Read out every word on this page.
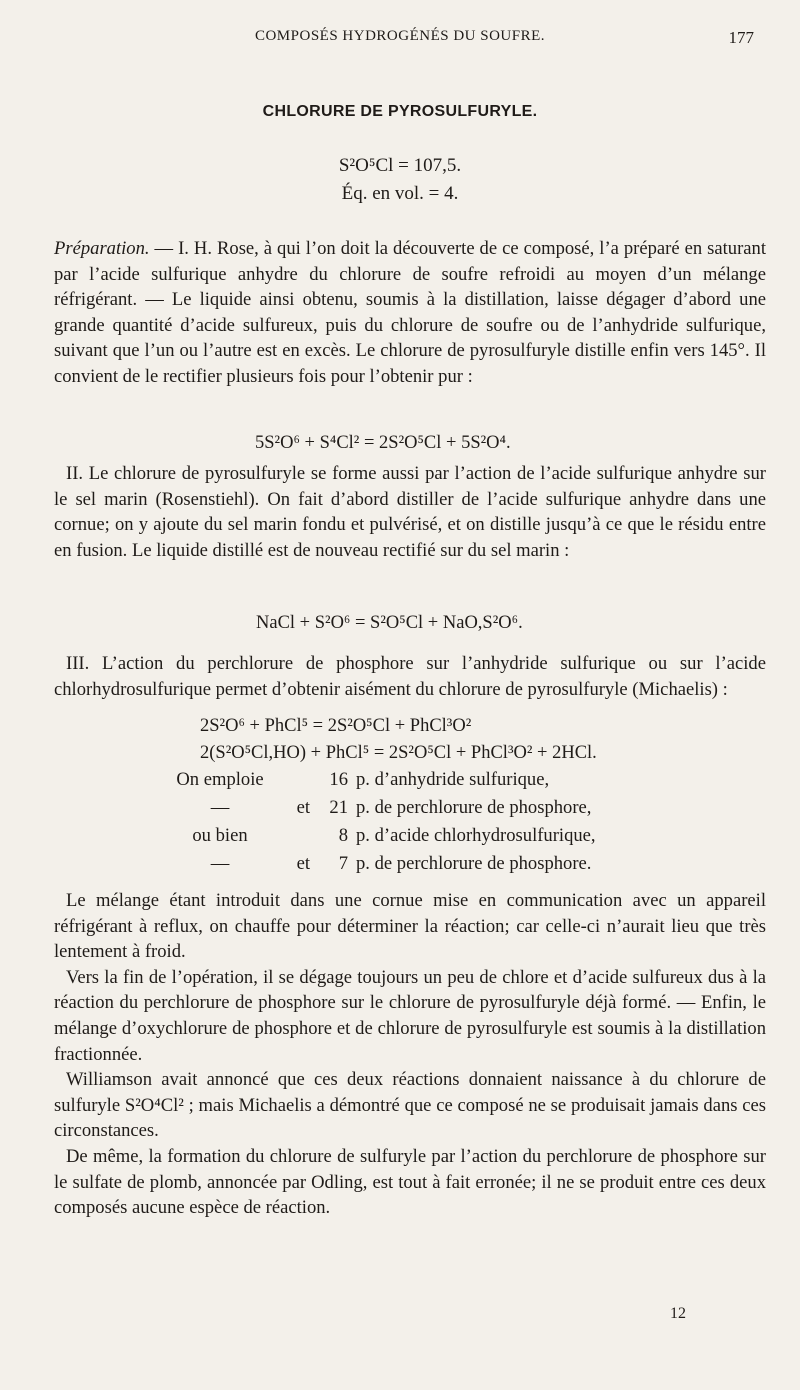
COMPOSÉS HYDROGÉNÉS DU SOUFRE.	177
CHLORURE DE PYROSULFURYLE.
S²O⁵Cl = 107,5.
Éq. en vol. = 4.

Préparation. — I. H. Rose, à qui l’on doit la découverte de ce composé, l’a préparé en saturant par l’acide sulfurique anhydre du chlorure de soufre refroidi au moyen d’un mélange réfrigérant. — Le liquide ainsi obtenu, soumis à la distillation, laisse dégager d’abord une grande quantité d’acide sulfureux, puis du chlorure de soufre ou de l’anhydride sulfurique, suivant que l’un ou l’autre est en excès. Le chlorure de pyrosulfuryle distille enfin vers 145°. Il convient de le rectifier plusieurs fois pour l’obtenir pur :

5S²O⁶ + S⁴Cl² = 2S²O⁵Cl + 5S²O⁴.

II. Le chlorure de pyrosulfuryle se forme aussi par l’action de l’acide sulfurique anhydre sur le sel marin (Rosenstiehl). On fait d’abord distiller de l’acide sulfurique anhydre dans une cornue; on y ajoute du sel marin fondu et pulvérisé, et on distille jusqu’à ce que le résidu entre en fusion. Le liquide distillé est de nouveau rectifié sur du sel marin :

NaCl + S²O⁶ = S²O⁵Cl + NaO,S²O⁶.

III. L’action du perchlorure de phosphore sur l’anhydride sulfurique ou sur l’acide chlorhydrosulfurique permet d’obtenir aisément du chlorure de pyrosulfuryle (Michaelis) :

2S²O⁶ + PhCl⁵ = 2S²O⁵Cl + PhCl³O²
2(S²O⁵Cl,HO) + PhCl⁵ = 2S²O⁵Cl + PhCl³O² + 2HCl.
On emploie	16 p. d’anhydride sulfurique,
—	et	21 p. de perchlorure de phosphore,
ou bien	8 p. d’acide chlorhydrosulfurique,
—	et	7 p. de perchlorure de phosphore.

Le mélange étant introduit dans une cornue mise en communication avec un appareil réfrigérant à reflux, on chauffe pour déterminer la réaction; car celle-ci n’aurait lieu que très lentement à froid.

Vers la fin de l’opération, il se dégage toujours un peu de chlore et d’acide sulfureux dus à la réaction du perchlorure de phosphore sur le chlorure de pyrosulfuryle déjà formé. — Enfin, le mélange d’oxychlorure de phosphore et de chlorure de pyrosulfuryle est soumis à la distillation fractionnée.

Williamson avait annoncé que ces deux réactions donnaient naissance à du chlorure de sulfuryle S²O⁴Cl² ; mais Michaelis a démontré que ce composé ne se produisait jamais dans ces circonstances.

De même, la formation du chlorure de sulfuryle par l’action du perchlorure de phosphore sur le sulfate de plomb, annoncée par Odling, est tout à fait erronée; il ne se produit entre ces deux composés aucune espèce de réaction.

12
